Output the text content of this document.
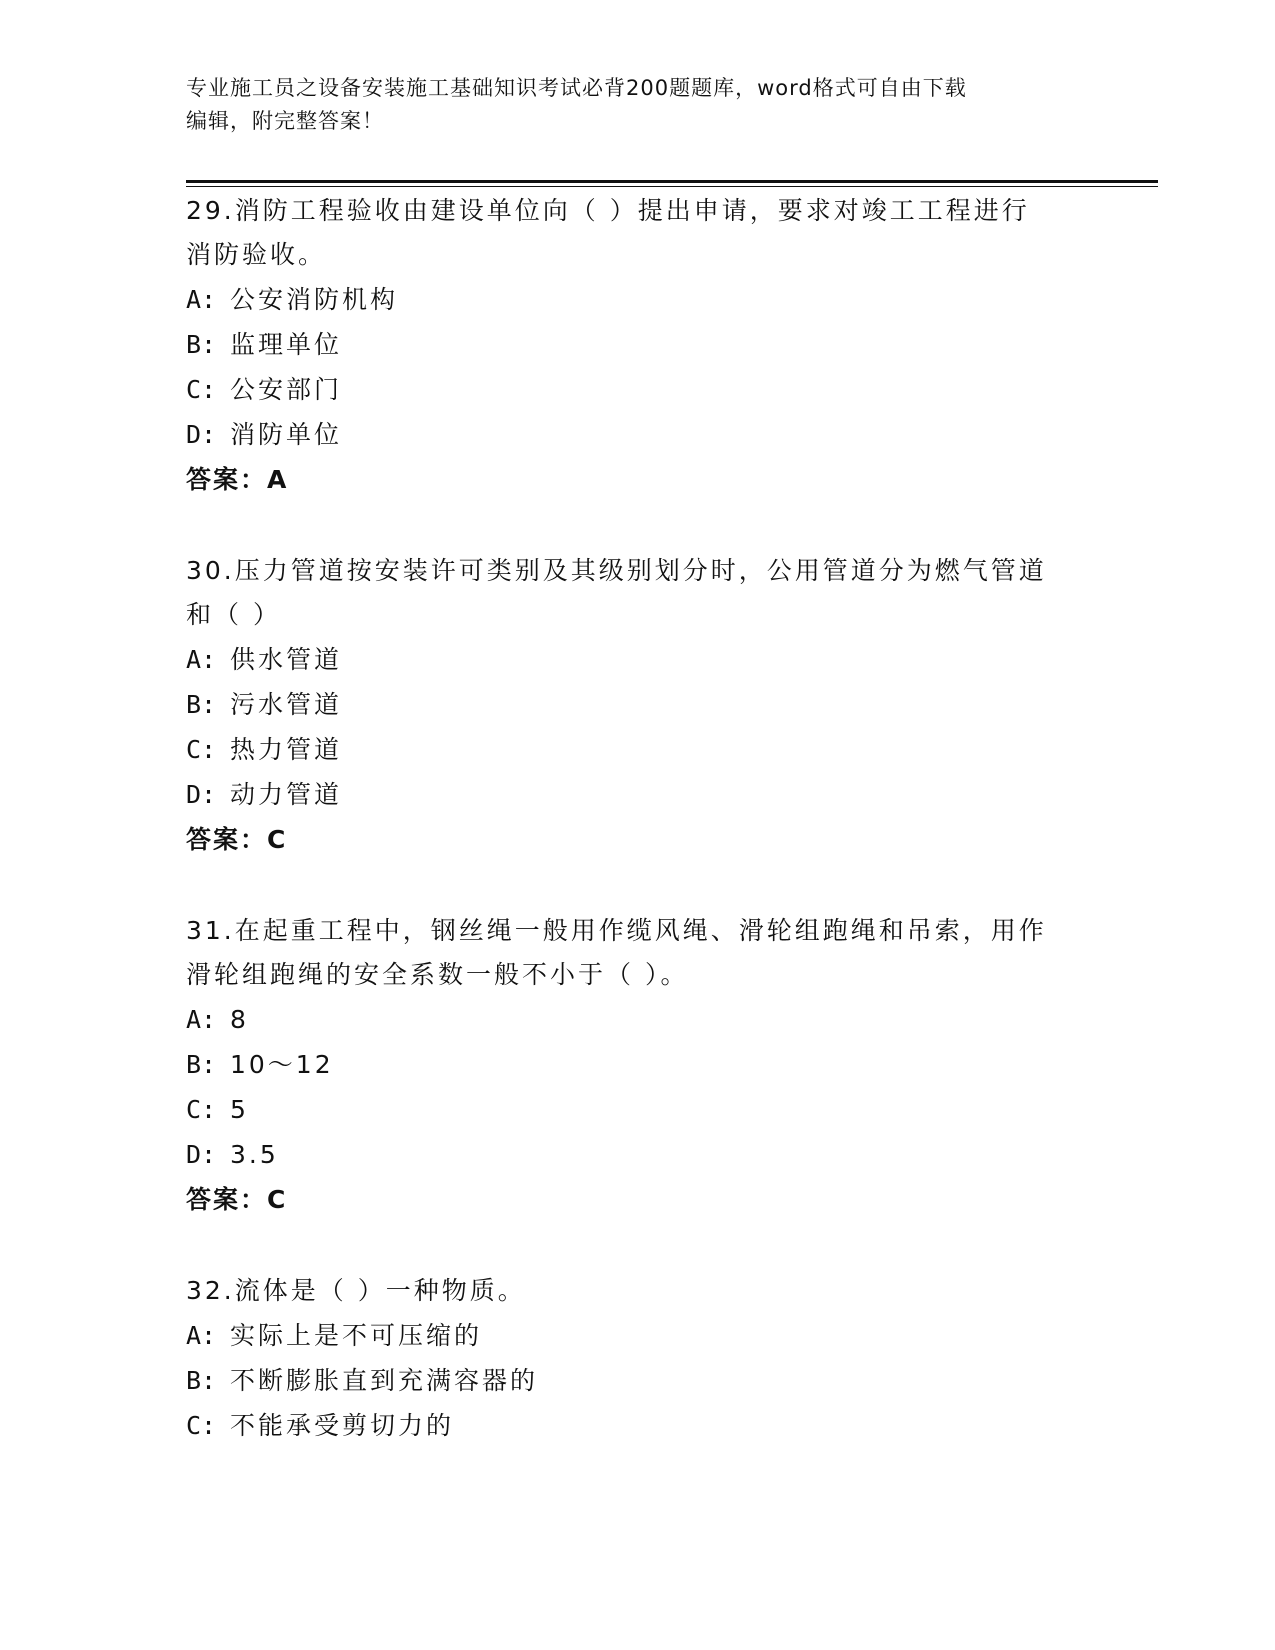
专业施工员之设备安装施工基础知识考试必背200题题库，word格式可自由下载
编辑，附完整答案！
29.消防工程验收由建设单位向（ ）提出申请，要求对竣工工程进行
消防验收。
A: 公安消防机构
B: 监理单位
C: 公安部门
D: 消防单位
答案：A
30.压力管道按安装许可类别及其级别划分时，公用管道分为燃气管道
和（ ）
A: 供水管道
B: 污水管道
C: 热力管道
D: 动力管道
答案：C
31.在起重工程中，钢丝绳一般用作缆风绳、滑轮组跑绳和吊索，用作
滑轮组跑绳的安全系数一般不小于（ ）。
A: 8
B: 10～12
C: 5
D: 3.5
答案：C
32.流体是（ ）一种物质。
A: 实际上是不可压缩的
B: 不断膨胀直到充满容器的
C: 不能承受剪切力的
